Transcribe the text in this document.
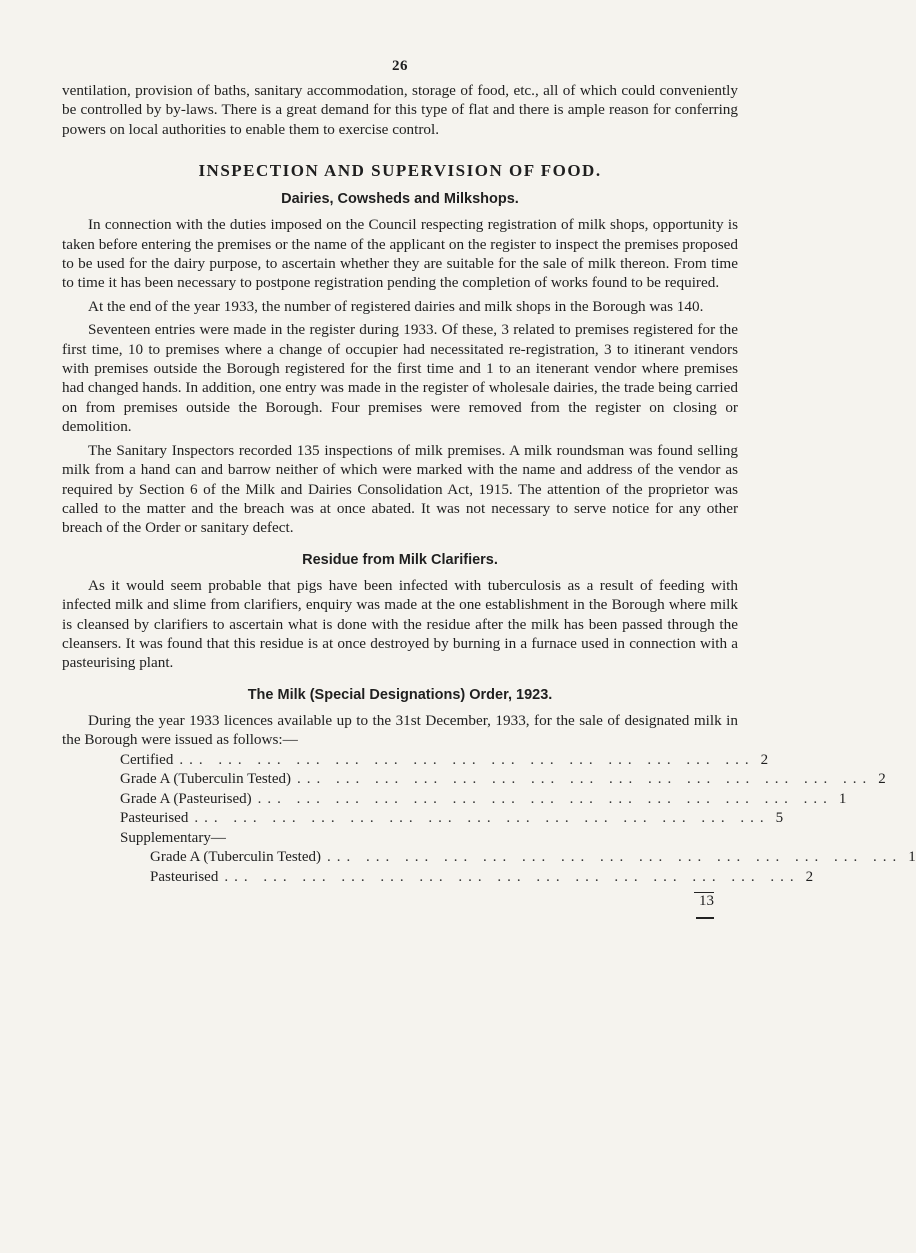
26

ventilation, provision of baths, sanitary accommodation, storage of food, etc., all of which could conveniently be controlled by by-laws. There is a great demand for this type of flat and there is ample reason for conferring powers on local authorities to enable them to exercise control.

INSPECTION AND SUPERVISION OF FOOD.
Dairies, Cowsheds and Milkshops.

In connection with the duties imposed on the Council respecting registration of milk shops, opportunity is taken before entering the premises or the name of the applicant on the register to inspect the premises proposed to be used for the dairy purpose, to ascertain whether they are suitable for the sale of milk thereon. From time to time it has been necessary to postpone registration pending the completion of works found to be required.

At the end of the year 1933, the number of registered dairies and milk shops in the Borough was 140.

Seventeen entries were made in the register during 1933. Of these, 3 related to premises registered for the first time, 10 to premises where a change of occupier had necessitated re-registration, 3 to itinerant vendors with premises outside the Borough registered for the first time and 1 to an itenerant vendor where premises had changed hands. In addition, one entry was made in the register of wholesale dairies, the trade being carried on from premises outside the Borough. Four premises were removed from the register on closing or demolition.

The Sanitary Inspectors recorded 135 inspections of milk premises. A milk roundsman was found selling milk from a hand can and barrow neither of which were marked with the name and address of the vendor as required by Section 6 of the Milk and Dairies Consolidation Act, 1915. The attention of the proprietor was called to the matter and the breach was at once abated. It was not necessary to serve notice for any other breach of the Order or sanitary defect.

Residue from Milk Clarifiers.

As it would seem probable that pigs have been infected with tuberculosis as a result of feeding with infected milk and slime from clarifiers, enquiry was made at the one establishment in the Borough where milk is cleansed by clarifiers to ascertain what is done with the residue after the milk has been passed through the cleansers. It was found that this residue is at once destroyed by burning in a furnace used in connection with a pasteurising plant.

The Milk (Special Designations) Order, 1923.

During the year 1933 licences available up to the 31st December, 1933, for the sale of designated milk in the Borough were issued as follows:—

Certified ... ... ... ... ... ... ... ... ... ... ... ... ... ... ... 2
Grade A (Tuberculin Tested) ... ... ... ... ... ... ... ... ... ... ... ... ... ... ... 2
Grade A (Pasteurised) ... ... ... ... ... ... ... ... ... ... ... ... ... ... ... 1
Pasteurised ... ... ... ... ... ... ... ... ... ... ... ... ... ... ... 5
Supplementary—
Grade A (Tuberculin Tested) ... ... ... ... ... ... ... ... ... ... ... ... ... ... ... 1
Pasteurised ... ... ... ... ... ... ... ... ... ... ... ... ... ... ... 2
13
